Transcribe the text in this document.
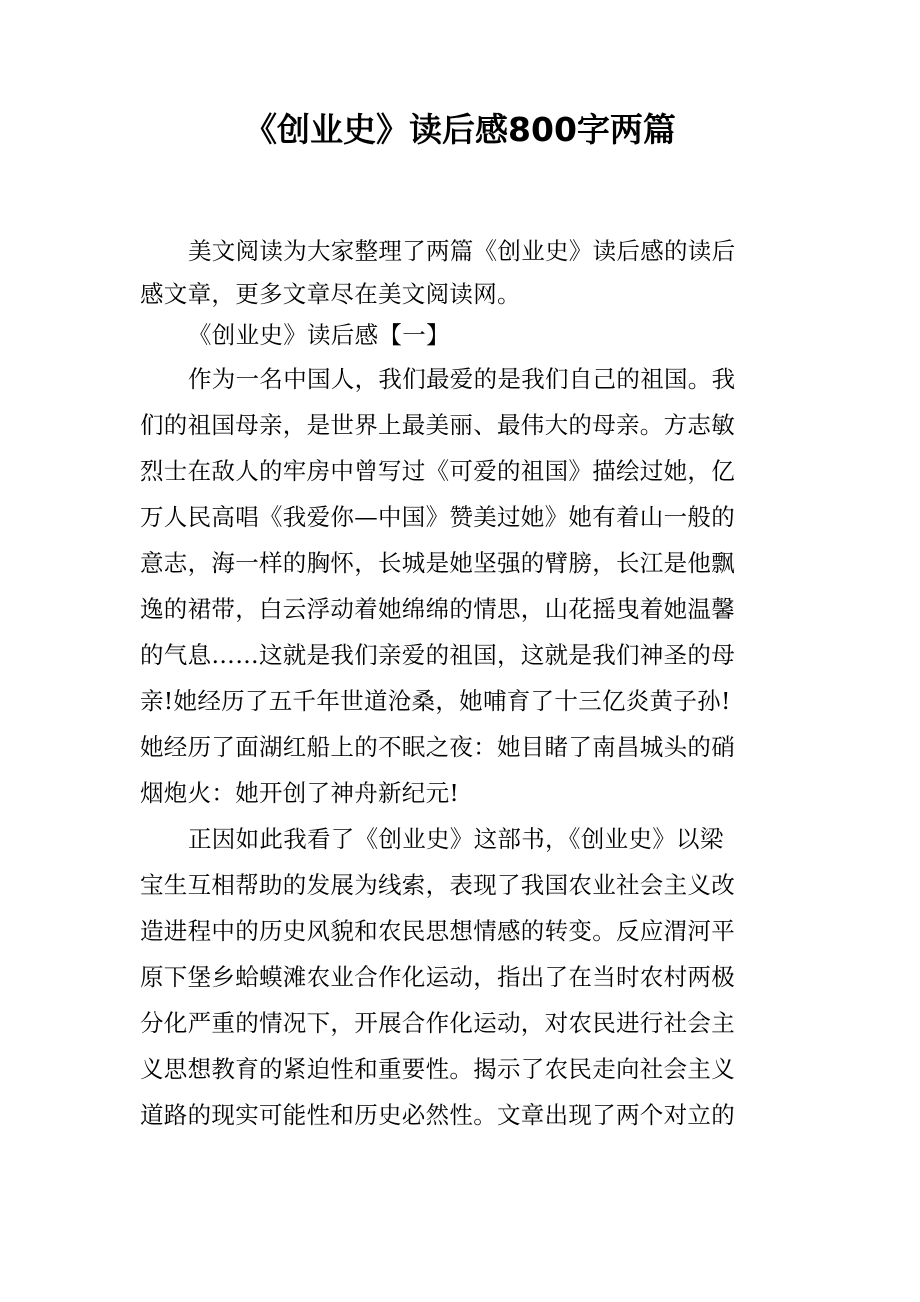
《创业史》读后感800字两篇
美文阅读为大家整理了两篇《创业史》读后感的读后
感文章，更多文章尽在美文阅读网。
《创业史》读后感【一】
作为一名中国人，我们最爱的是我们自己的祖国。我
们的祖国母亲，是世界上最美丽、最伟大的母亲。方志敏
烈士在敌人的牢房中曾写过《可爱的祖国》描绘过她，亿
万人民高唱《我爱你—中国》赞美过她》她有着山一般的
意志，海一样的胸怀，长城是她坚强的臂膀，长江是他飘
逸的裙带，白云浮动着她绵绵的情思，山花摇曳着她温馨
的气息……这就是我们亲爱的祖国，这就是我们神圣的母
亲!她经历了五千年世道沧桑，她哺育了十三亿炎黄子孙!
她经历了面湖红船上的不眠之夜：她目睹了南昌城头的硝
烟炮火：她开创了神舟新纪元!
正因如此我看了《创业史》这部书，《创业史》以梁
宝生互相帮助的发展为线索，表现了我国农业社会主义改
造进程中的历史风貌和农民思想情感的转变。反应渭河平
原下堡乡蛤蟆滩农业合作化运动，指出了在当时农村两极
分化严重的情况下，开展合作化运动，对农民进行社会主
义思想教育的紧迫性和重要性。揭示了农民走向社会主义
道路的现实可能性和历史必然性。文章出现了两个对立的
